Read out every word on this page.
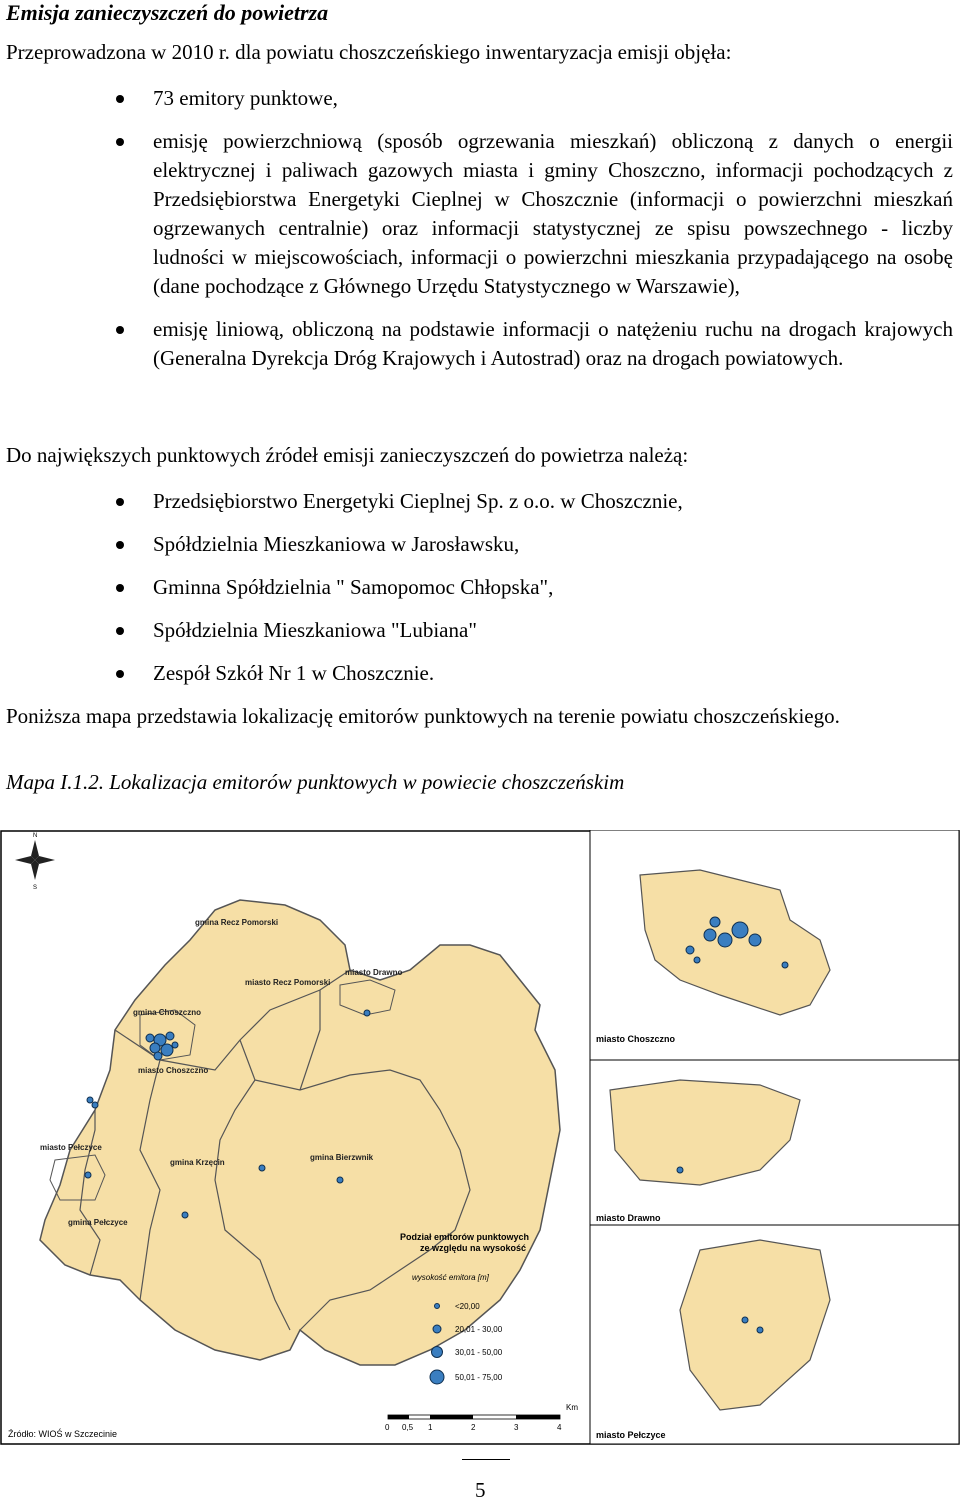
Emisja zanieczyszczeń do powietrza
Przeprowadzona w 2010 r. dla powiatu choszczeńskiego inwentaryzacja emisji objęła:
73 emitory punktowe,
emisję powierzchniową (sposób ogrzewania mieszkań) obliczoną z danych o energii elektrycznej i paliwach gazowych miasta i gminy Choszczno, informacji pochodzących z Przedsiębiorstwa Energetyki Cieplnej w Choszcznie (informacji o powierzchni mieszkań ogrzewanych centralnie) oraz informacji statystycznej ze spisu powszechnego - liczby ludności w miejscowościach, informacji o powierzchni mieszkania przypadającego na osobę (dane pochodzące z Głównego Urzędu Statystycznego w Warszawie),
emisję liniową, obliczoną na podstawie informacji o natężeniu ruchu na drogach krajowych (Generalna Dyrekcja Dróg Krajowych i Autostrad) oraz na drogach powiatowych.
Do największych punktowych źródeł emisji zanieczyszczeń do powietrza należą:
Przedsiębiorstwo Energetyki Cieplnej Sp. z o.o. w Choszcznie,
Spółdzielnia Mieszkaniowa w Jarosławsku,
Gminna Spółdzielnia " Samopomoc Chłopska",
Spółdzielnia Mieszkaniowa "Lubiana"
Zespół Szkół Nr 1 w Choszcznie.
Poniższa mapa przedstawia lokalizację emitorów punktowych na terenie powiatu choszczeńskiego.
Mapa I.1.2. Lokalizacja emitorów punktowych w powiecie choszczeńskim
N
S
gmina Recz Pomorski
miasto Recz Pomorski
miasto Drawno
gmina Choszczno
miasto Choszczno
miasto Pełczyce
gmina Pełczyce
gmina Krzęcin
gmina Bierzwnik
miasto Choszczno
miasto Drawno
miasto Pełczyce
Podział emitorów punktowych
ze względu na wysokość
wysokość emitora [m]
<20,00
20,01 - 30,00
30,01 - 50,00
50,01 - 75,00
Km
0 0,5 1	2	3	4
Źródło: WIOŚ w Szczecinie
5
